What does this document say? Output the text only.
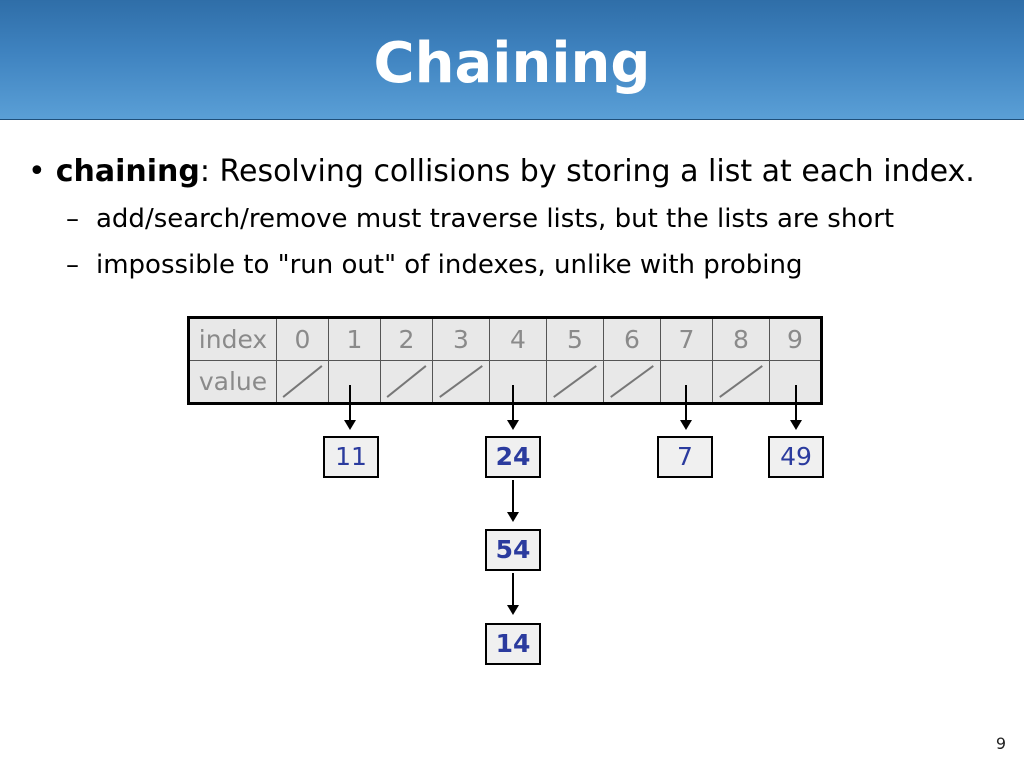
Chaining
• chaining: Resolving collisions by storing a list at each index.
– add/search/remove must traverse lists, but the lists are short
– impossible to "run out" of indexes, unlike with probing
index	0	1	2	3	4	5	6	7	8	9
value	

11	24	7	49
54
14
9
